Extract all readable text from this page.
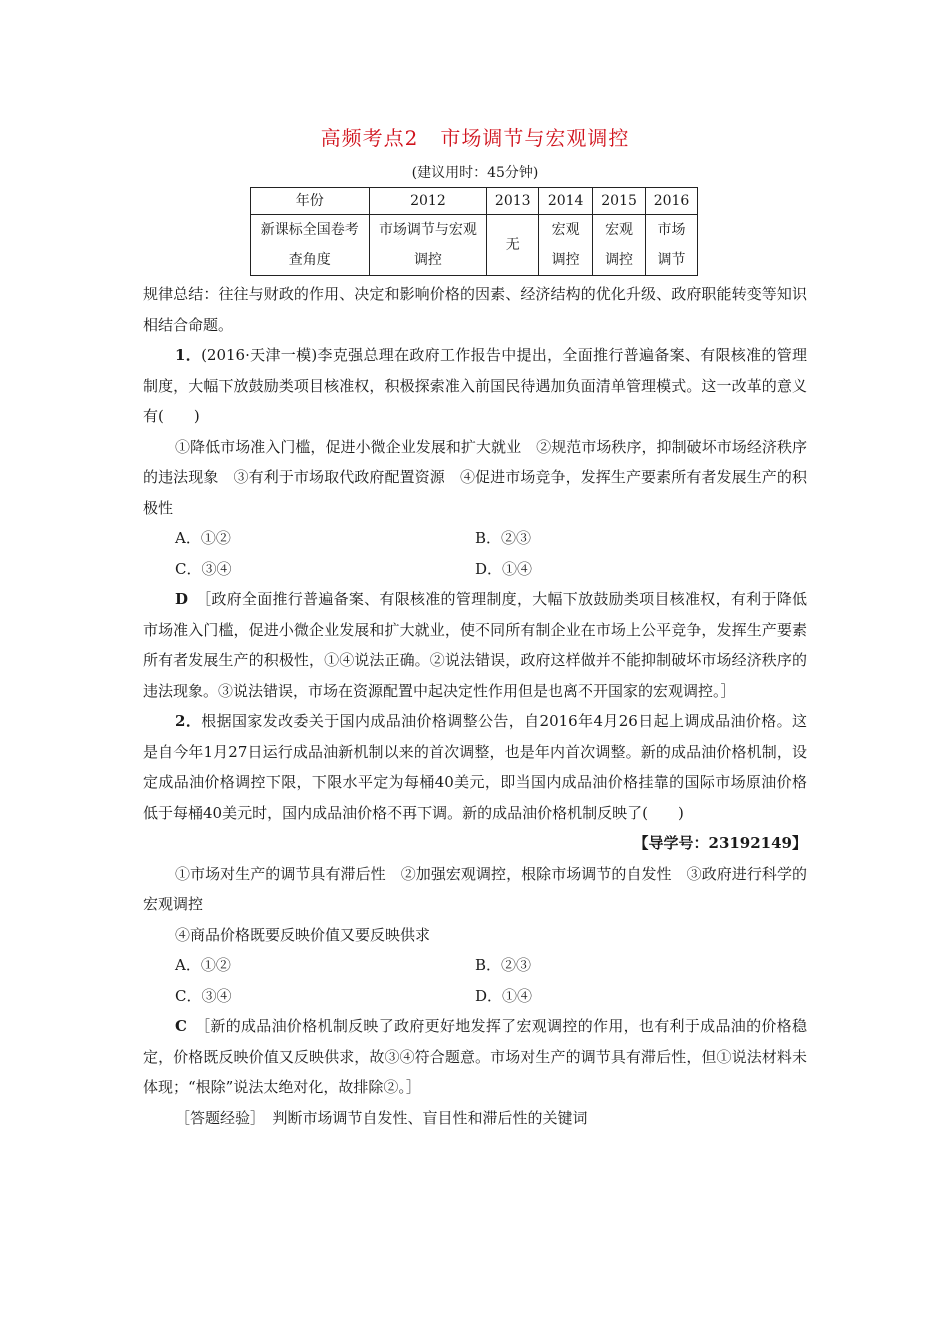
高频考点2 市场调节与宏观调控
(建议用时：45分钟)
年份	2012	2013	2014	2015	2016
新课标全国卷考查角度	市场调节与宏观调控	无	宏观调控	宏观调控	市场调节

规律总结：往往与财政的作用、决定和影响价格的因素、经济结构的优化升级、政府职能转变等知识相结合命题。

1．(2016·天津一模)李克强总理在政府工作报告中提出，全面推行普遍备案、有限核准的管理制度，大幅下放鼓励类项目核准权，积极探索准入前国民待遇加负面清单管理模式。这一改革的意义有(　　)

①降低市场准入门槛，促进小微企业发展和扩大就业　②规范市场秩序，抑制破坏市场经济秩序的违法现象　③有利于市场取代政府配置资源　④促进市场竞争，发挥生产要素所有者发展生产的积极性

A．①②	B．②③
C．③④	D．①④

D　 ［政府全面推行普遍备案、有限核准的管理制度，大幅下放鼓励类项目核准权，有利于降低市场准入门槛，促进小微企业发展和扩大就业，使不同所有制企业在市场上公平竞争，发挥生产要素所有者发展生产的积极性，①④说法正确。②说法错误，政府这样做并不能抑制破坏市场经济秩序的违法现象。③说法错误，市场在资源配置中起决定性作用但是也离不开国家的宏观调控。］

2．根据国家发改委关于国内成品油价格调整公告，自2016年4月26日起上调成品油价格。这是自今年1月27日运行成品油新机制以来的首次调整，也是年内首次调整。新的成品油价格机制，设定成品油价格调控下限，下限水平定为每桶40美元，即当国内成品油价格挂靠的国际市场原油价格低于每桶40美元时，国内成品油价格不再下调。新的成品油价格机制反映了(　　)

【导学号：23192149】

①市场对生产的调节具有滞后性　②加强宏观调控，根除市场调节的自发性　③政府进行科学的宏观调控

④商品价格既要反映价值又要反映供求

A．①②	B．②③
C．③④	D．①④

C　 ［新的成品油价格机制反映了政府更好地发挥了宏观调控的作用，也有利于成品油的价格稳定，价格既反映价值又反映供求，故③④符合题意。市场对生产的调节具有滞后性，但①说法材料未体现；“根除”说法太绝对化，故排除②。］

［答题经验］　判断市场调节自发性、盲目性和滞后性的关键词
